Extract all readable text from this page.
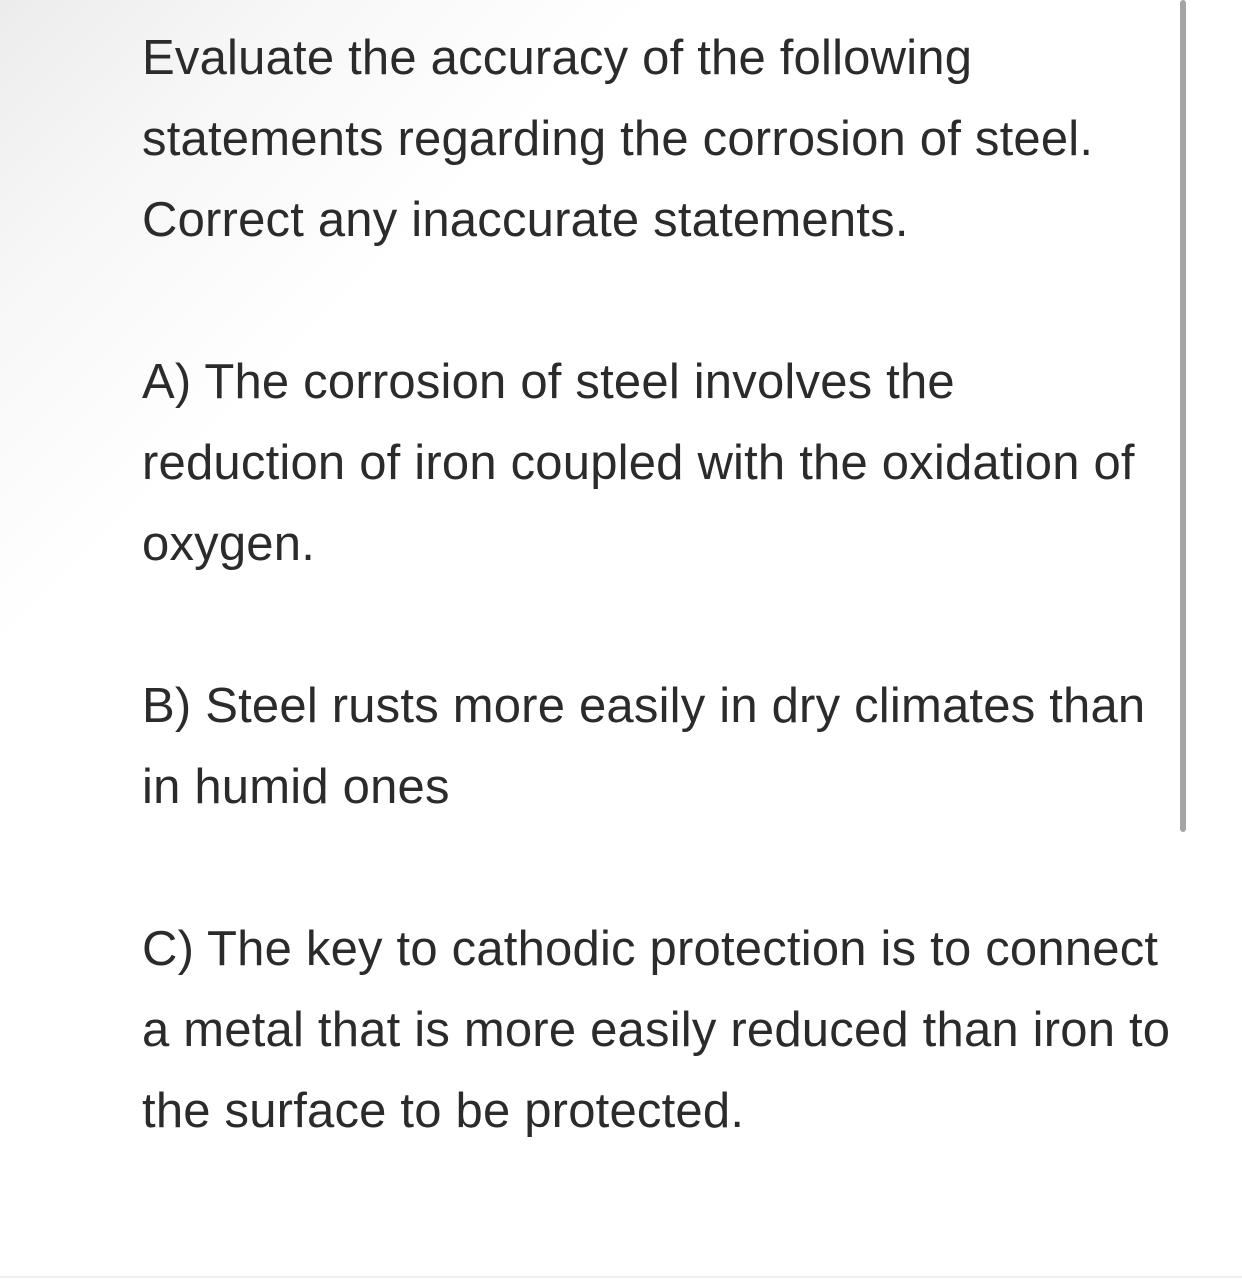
Evaluate the accuracy of the following statements regarding the corrosion of steel. Correct any inaccurate statements.

A) The corrosion of steel involves the reduction of iron coupled with the oxidation of oxygen.

B) Steel rusts more easily in dry climates than in humid ones

C) The key to cathodic protection is to connect a metal that is more easily reduced than iron to the surface to be protected.
